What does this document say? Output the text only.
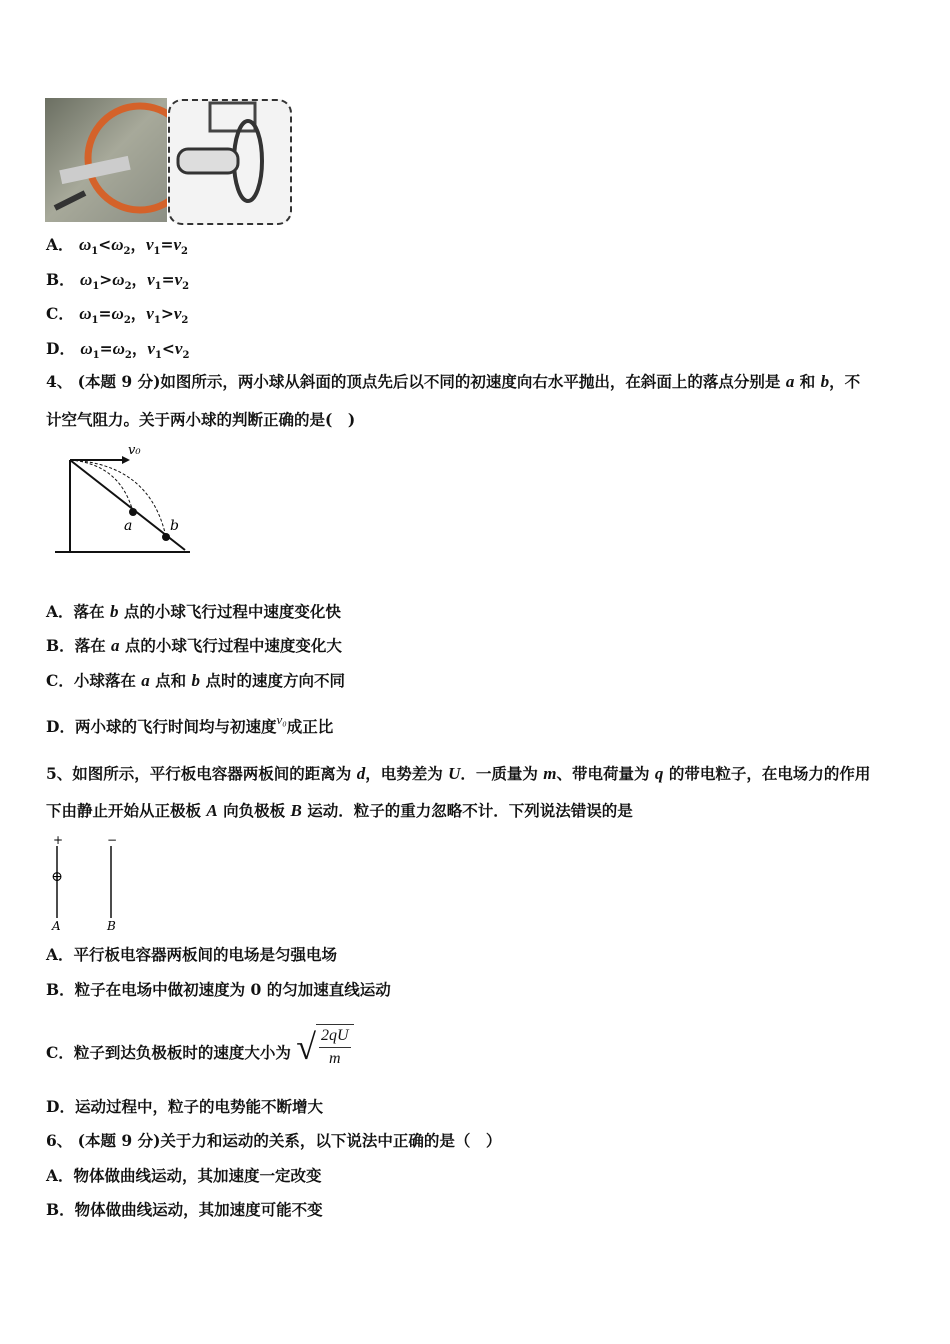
A． $\omega_1<\omega_2$，$v_1=v_2$
B． $\omega_1>\omega_2$，$v_1=v_2$
C． $\omega_1=\omega_2$，$v_1>v_2$
D． $\omega_1=\omega_2$，$v_1<v_2$
4、 (本题 9 分)如图所示，两小球从斜面的顶点先后以不同的初速度向右水平抛出，在斜面上的落点分别是 a 和 b，不
计空气阻力。关于两小球的判断正确的是(　)
v₀
a	b
A．落在 b 点的小球飞行过程中速度变化快
B．落在 a 点的小球飞行过程中速度变化大
C．小球落在 a 点和 b 点时的速度方向不同
D．两小球的飞行时间均与初速度$^{v_0}$成正比
5、如图所示，平行板电容器两板间的距离为 d，电势差为 U．一质量为 m、带电荷量为 q 的带电粒子，在电场力的作用
下由静止开始从正极板 A 向负极板 B 运动．粒子的重力忽略不计．下列说法错误的是
+	−
⊕
A	B
A．平行板电容器两板间的电场是匀强电场
B．粒子在电场中做初速度为 0 的匀加速直线运动
C．粒子到达负极板时的速度大小为 √ $\frac{2qU}{m}$
D．运动过程中，粒子的电势能不断增大
6、 (本题 9 分)关于力和运动的关系，以下说法中正确的是（　）
A．物体做曲线运动，其加速度一定改变
B．物体做曲线运动，其加速度可能不变
